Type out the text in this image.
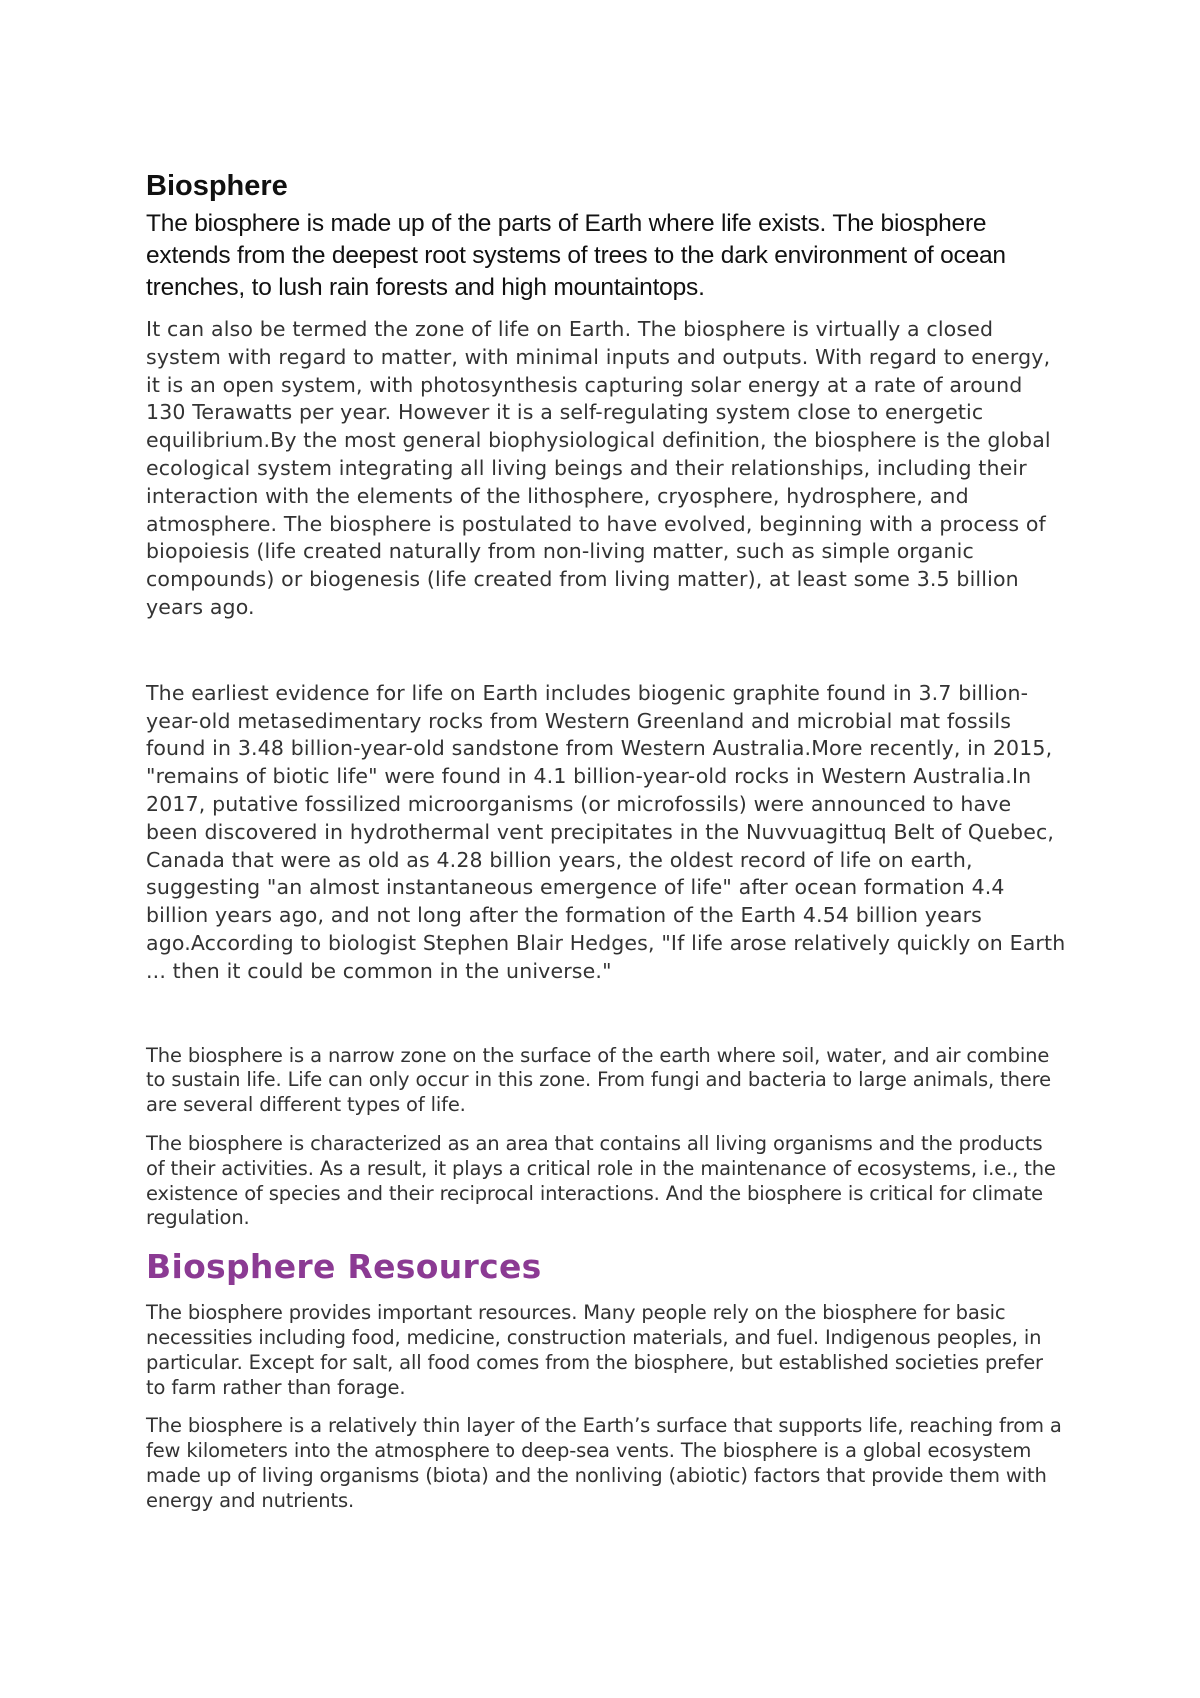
Biosphere

The biosphere is made up of the parts of Earth where life exists. The biosphere extends from the deepest root systems of trees to the dark environment of ocean trenches, to lush rain forests and high mountaintops.

It can also be termed the zone of life on Earth. The biosphere is virtually a closed system with regard to matter, with minimal inputs and outputs. With regard to energy, it is an open system, with photosynthesis capturing solar energy at a rate of around 130 Terawatts per year. However it is a self-regulating system close to energetic equilibrium.By the most general biophysiological definition, the biosphere is the global ecological system integrating all living beings and their relationships, including their interaction with the elements of the lithosphere, cryosphere, hydrosphere, and atmosphere. The biosphere is postulated to have evolved, beginning with a process of biopoiesis (life created naturally from non-living matter, such as simple organic compounds) or biogenesis (life created from living matter), at least some 3.5 billion years ago.

The earliest evidence for life on Earth includes biogenic graphite found in 3.7 billion-year-old metasedimentary rocks from Western Greenland and microbial mat fossils found in 3.48 billion-year-old sandstone from Western Australia.More recently, in 2015, "remains of biotic life" were found in 4.1 billion-year-old rocks in Western Australia.In 2017, putative fossilized microorganisms (or microfossils) were announced to have been discovered in hydrothermal vent precipitates in the Nuvvuagittuq Belt of Quebec, Canada that were as old as 4.28 billion years, the oldest record of life on earth, suggesting "an almost instantaneous emergence of life" after ocean formation 4.4 billion years ago, and not long after the formation of the Earth 4.54 billion years ago.According to biologist Stephen Blair Hedges, "If life arose relatively quickly on Earth ... then it could be common in the universe."

The biosphere is a narrow zone on the surface of the earth where soil, water, and air combine to sustain life. Life can only occur in this zone. From fungi and bacteria to large animals, there are several different types of life.

The biosphere is characterized as an area that contains all living organisms and the products of their activities. As a result, it plays a critical role in the maintenance of ecosystems, i.e., the existence of species and their reciprocal interactions. And the biosphere is critical for climate regulation.

Biosphere Resources

The biosphere provides important resources. Many people rely on the biosphere for basic necessities including food, medicine, construction materials, and fuel. Indigenous peoples, in particular. Except for salt, all food comes from the biosphere, but established societies prefer to farm rather than forage.

The biosphere is a relatively thin layer of the Earth’s surface that supports life, reaching from a few kilometers into the atmosphere to deep-sea vents. The biosphere is a global ecosystem made up of living organisms (biota) and the nonliving (abiotic) factors that provide them with energy and nutrients.
